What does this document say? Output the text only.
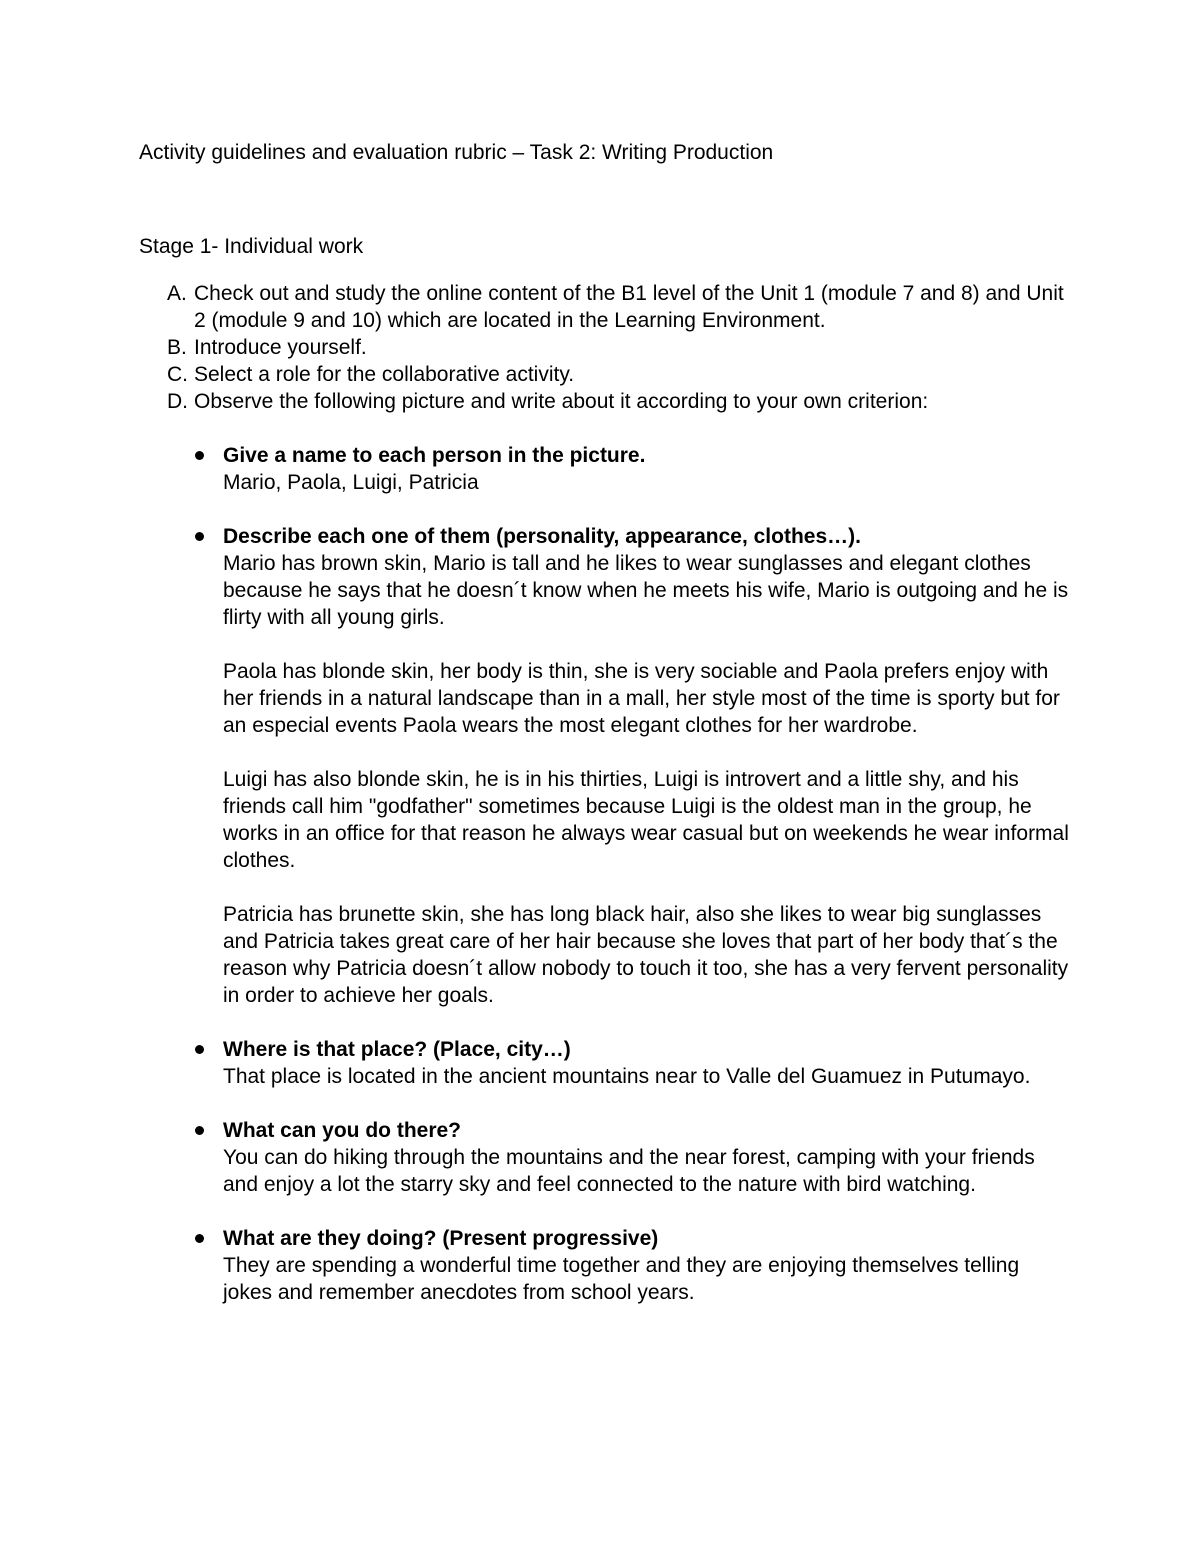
Activity guidelines and evaluation rubric – Task 2: Writing Production
Stage 1- Individual work
A. Check out and study the online content of the B1 level of the Unit 1 (module 7 and 8) and Unit 2 (module 9 and 10) which are located in the Learning Environment.
B. Introduce yourself.
C. Select a role for the collaborative activity.
D. Observe the following picture and write about it according to your own criterion:
Give a name to each person in the picture.
Mario, Paola, Luigi, Patricia
Describe each one of them (personality, appearance, clothes…).
Mario has brown skin, Mario is tall and he likes to wear sunglasses and elegant clothes because he says that he doesn´t know when he meets his wife, Mario is outgoing and he is flirty with all young girls.
Paola has blonde skin, her body is thin, she is very sociable and Paola prefers enjoy with her friends in a natural landscape than in a mall, her style most of the time is sporty but for an especial events Paola wears the most elegant clothes for her wardrobe.
Luigi has also blonde skin, he is in his thirties, Luigi is introvert and a little shy, and his friends call him "godfather" sometimes because Luigi is the oldest man in the group, he works in an office for that reason he always wear casual but on weekends he wear informal clothes.
Patricia has brunette skin, she has long black hair, also she likes to wear big sunglasses and Patricia takes great care of her hair because she loves that part of her body that´s the reason why Patricia doesn´t allow nobody to touch it too, she has a very fervent personality in order to achieve her goals.
Where is that place? (Place, city…)
That place is located in the ancient mountains near to Valle del Guamuez in Putumayo.
What can you do there?
You can do hiking through the mountains and the near forest, camping with your friends and enjoy a lot the starry sky and feel connected to the nature with bird watching.
What are they doing? (Present progressive)
They are spending a wonderful time together and they are enjoying themselves telling jokes and remember anecdotes from school years.
